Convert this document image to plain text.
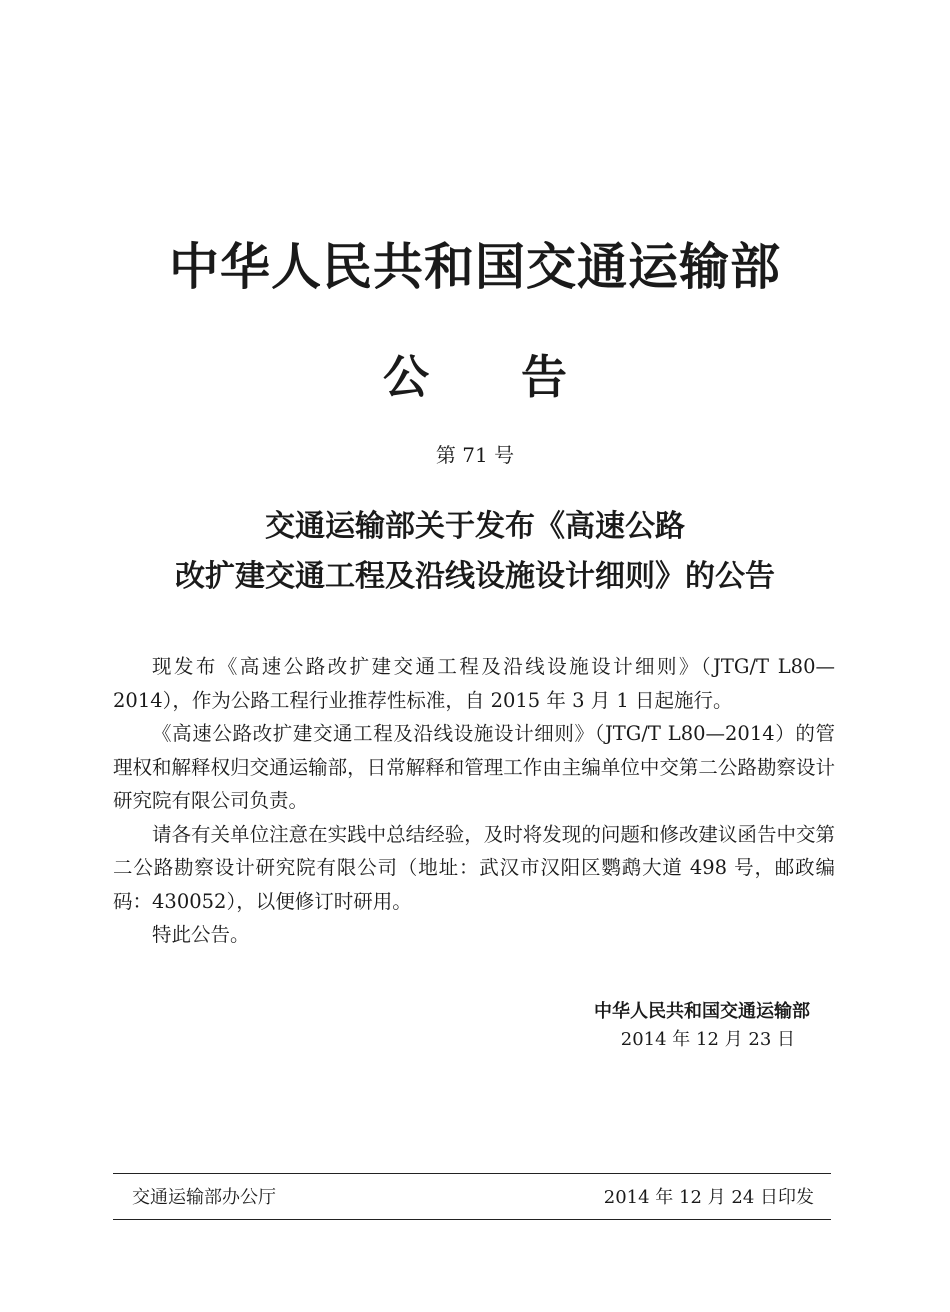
中华人民共和国交通运输部
公 告
第 71 号
交通运输部关于发布《高速公路
改扩建交通工程及沿线设施设计细则》的公告

现发布《高速公路改扩建交通工程及沿线设施设计细则》（JTG/T L80—2014），作为公路工程行业推荐性标准，自 2015 年 3 月 1 日起施行。

《高速公路改扩建交通工程及沿线设施设计细则》（JTG/T L80—2014）的管理权和解释权归交通运输部，日常解释和管理工作由主编单位中交第二公路勘察设计研究院有限公司负责。

请各有关单位注意在实践中总结经验，及时将发现的问题和修改建议函告中交第二公路勘察设计研究院有限公司（地址：武汉市汉阳区鹦鹉大道 498 号，邮政编码：430052），以便修订时研用。

特此公告。

中华人民共和国交通运输部
2014 年 12 月 23 日
交通运输部办公厅	2014 年 12 月 24 日印发
